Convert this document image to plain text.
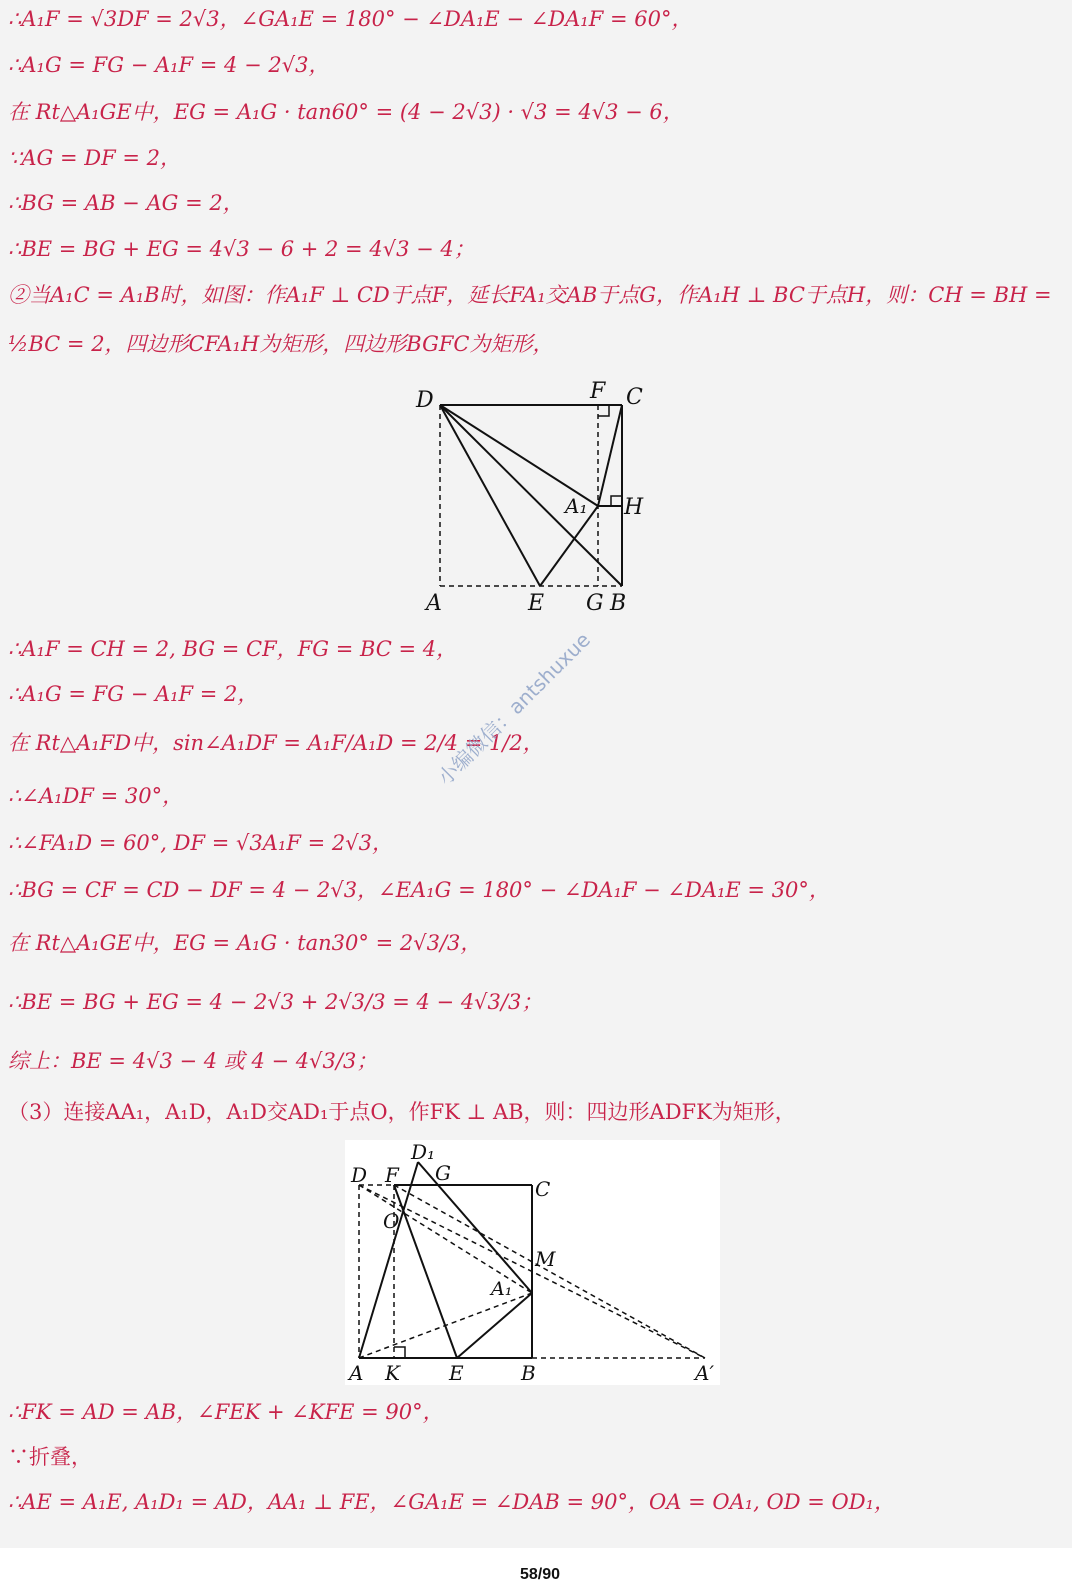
∴A₁F = √3DF = 2√3，∠GA₁E = 180° − ∠DA₁E − ∠DA₁F = 60°，
∴A₁G = FG − A₁F = 4 − 2√3，
在 Rt△A₁GE中，EG = A₁G · tan60° = (4 − 2√3) · √3 = 4√3 − 6，
∵AG = DF = 2，
∴BG = AB − AG = 2，
∴BE = BG + EG = 4√3 − 6 + 2 = 4√3 − 4；
②当A₁C = A₁B时，如图：作A₁F ⊥ CD于点F，延长FA₁交AB于点G，作A₁H ⊥ BC于点H，则：CH = BH =
½BC = 2，四边形CFA₁H为矩形，四边形BGFC为矩形，
D	F C
A₁ H
A	E G B
∴A₁F = CH = 2, BG = CF，FG = BC = 4，
∴A₁G = FG − A₁F = 2，
在 Rt△A₁FD中，sin∠A₁DF = A₁F/A₁D = 2/4 = 1/2，
∴∠A₁DF = 30°，
∴∠FA₁D = 60°, DF = √3A₁F = 2√3，
∴BG = CF = CD − DF = 4 − 2√3，∠EA₁G = 180° − ∠DA₁F − ∠DA₁E = 30°，
在 Rt△A₁GE中，EG = A₁G · tan30° = 2√3/3，
∴BE = BG + EG = 4 − 2√3 + 2√3/3 = 4 − 4√3/3；
综上：BE = 4√3 − 4 或 4 − 4√3/3；
（3）连接AA₁，A₁D，A₁D交AD₁于点O，作FK ⊥ AB，则：四边形ADFK为矩形，
D₁
D F G
C
O
M
A₁
A K E	B	A′
∴FK = AD = AB，∠FEK + ∠KFE = 90°，
∵折叠，
∴AE = A₁E, A₁D₁ = AD，AA₁ ⊥ FE，∠GA₁E = ∠DAB = 90°，OA = OA₁, OD = OD₁，
小编微信：antshuxue
58/90
